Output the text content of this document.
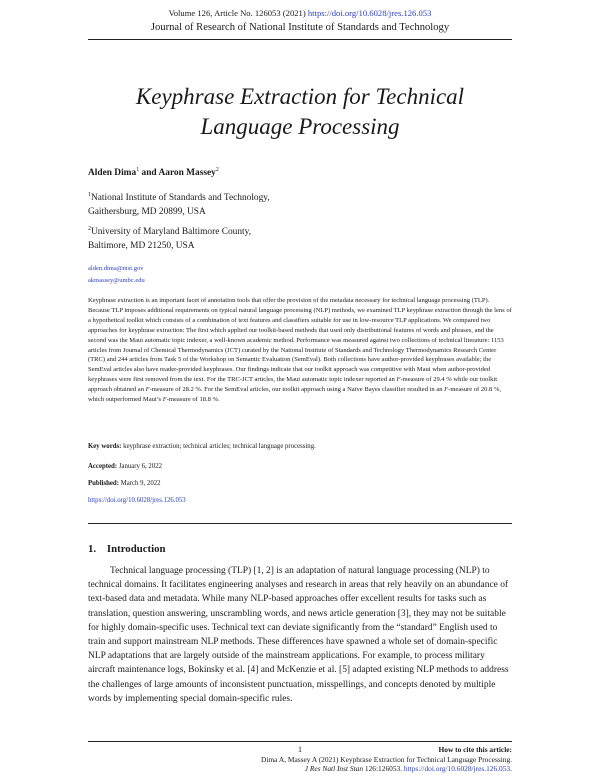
Volume 126, Article No. 126053 (2021) https://doi.org/10.6028/jres.126.053
Journal of Research of National Institute of Standards and Technology
Keyphrase Extraction for Technical
Language Processing
Alden Dima$^1$ and Aaron Massey$^2$
$^1$National Institute of Standards and Technology,
Gaithersburg, MD 20899, USA
$^2$University of Maryland Baltimore County,
Baltimore, MD 21250, USA
alden.dima@nist.gov
akmassey@umbc.edu
Keyphrase extraction is an important facet of annotation tools that offer the provision of the metadata necessary for technical language processing (TLP). Because TLP imposes additional requirements on typical natural language processing (NLP) methods, we examined TLP keyphrase extraction through the lens of a hypothetical toolkit which consists of a combination of text features and classifiers suitable for use in low-resource TLP applications. We compared two approaches for keyphrase extraction: The first which applied our toolkit-based methods that used only distributional features of words and phrases, and the second was the Maui automatic topic indexer, a well-known academic method. Performance was measured against two collections of technical literature: 1153 articles from Journal of Chemical Thermodynamics (JCT) curated by the National Institute of Standards and Technology Thermodynamics Research Center (TRC) and 244 articles from Task 5 of the Workshop on Semantic Evaluation (SemEval). Both collections have author-provided keyphrases available; the SemEval articles also have reader-provided keyphrases. Our findings indicate that our toolkit approach was competitive with Maui when author-provided keyphrases were first removed from the text. For the TRC-JCT articles, the Maui automatic topic indexer reported an F-measure of 29.4 % while our toolkit approach obtained an F-measure of 28.2 %. For the SemEval articles, our toolkit approach using a Naïve Bayes classifier resulted in an F-measure of 20.8 %, which outperformed Maui’s F-measure of 18.8 %.
Key words: keyphrase extraction; technical articles; technical language processing.
Accepted: January 6, 2022
Published: March 9, 2022
https://doi.org/10.6028/jres.126.053
1. Introduction

Technical language processing (TLP) [1, 2] is an adaptation of natural language processing (NLP) to technical domains. It facilitates engineering analyses and research in areas that rely heavily on an abundance of text-based data and metadata. While many NLP-based approaches offer excellent results for tasks such as translation, question answering, unscrambling words, and news article generation [3], they may not be suitable for highly domain-specific uses. Technical text can deviate significantly from the “standard” English used to train and support mainstream NLP methods. These differences have spawned a whole set of domain-specific NLP adaptations that are largely outside of the mainstream applications. For example, to process military aircraft maintenance logs, Bokinsky et al. [4] and McKenzie et al. [5] adapted existing NLP methods to address the challenges of large amounts of inconsistent punctuation, misspellings, and concepts denoted by multiple words by implementing special domain-specific rules.

1	How to cite this article:
Dima A, Massey A (2021) Keyphrase Extraction for Technical Language Processing.
J Res Natl Inst Stan 126:126053. https://doi.org/10.6028/jres.126.053.
